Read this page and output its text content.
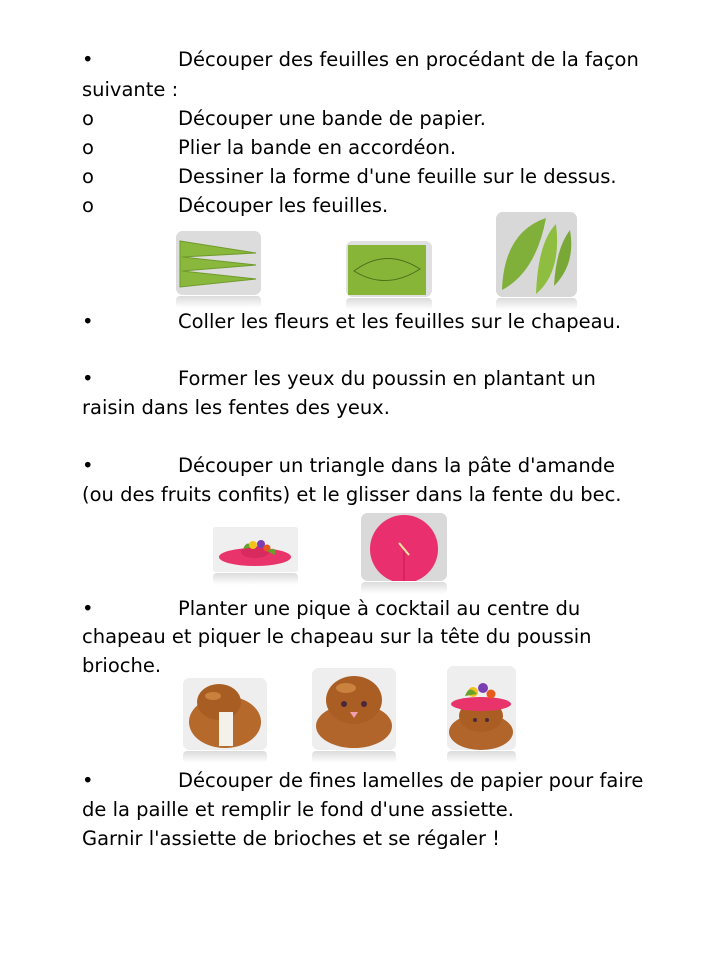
•	Découper des feuilles en procédant de la façon
suivante :
o	Découper une bande de papier.
o	Plier la bande en accordéon.
o	Dessiner la forme d'une feuille sur le dessus.
o	Découper les feuilles.
•	Coller les fleurs et les feuilles sur le chapeau.
•	Former les yeux du poussin en plantant un
raisin dans les fentes des yeux.
•	Découper un triangle dans la pâte d'amande
(ou des fruits confits) et le glisser dans la fente du bec.
•	Planter une pique à cocktail au centre du
chapeau et piquer le chapeau sur la tête du poussin
brioche.
•	Découper de fines lamelles de papier pour faire
de la paille et remplir le fond d'une assiette.
Garnir l'assiette de brioches et se régaler !
